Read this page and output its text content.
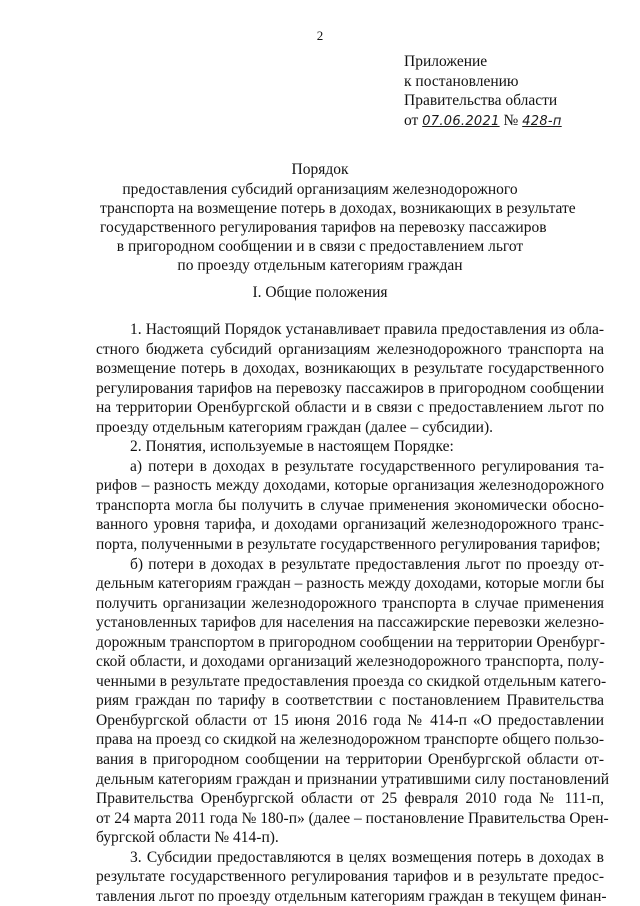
2
Приложение
к постановлению
Правительства области
от 07.06.2021 № 428-п
Порядок
предоставления субсидий организациям железнодорожного
транспорта на возмещение потерь в доходах, возникающих в результате
государственного регулирования тарифов на перевозку пассажиров
в пригородном сообщении и в связи с предоставлением льгот
по проезду отдельным категориям граждан
I. Общие положения
1. Настоящий Порядок устанавливает правила предоставления из обла-
стного бюджета субсидий организациям железнодорожного транспорта на
возмещение потерь в доходах, возникающих в результате государственного
регулирования тарифов на перевозку пассажиров в пригородном сообщении
на территории Оренбургской области и в связи с предоставлением льгот по
проезду отдельным категориям граждан (далее – субсидии).
2. Понятия, используемые в настоящем Порядке:
а) потери в доходах в результате государственного регулирования та-
рифов – разность между доходами, которые организация железнодорожного
транспорта могла бы получить в случае применения экономически обосно-
ванного уровня тарифа, и доходами организаций железнодорожного транс-
порта, полученными в результате государственного регулирования тарифов;
б) потери в доходах в результате предоставления льгот по проезду от-
дельным категориям граждан – разность между доходами, которые могли бы
получить организации железнодорожного транспорта в случае применения
установленных тарифов для населения на пассажирские перевозки железно-
дорожным транспортом в пригородном сообщении на территории Оренбург-
ской области, и доходами организаций железнодорожного транспорта, полу-
ченными в результате предоставления проезда со скидкой отдельным катего-
риям граждан по тарифу в соответствии с постановлением Правительства
Оренбургской области от 15 июня 2016 года № 414-п «О предоставлении
права на проезд со скидкой на железнодорожном транспорте общего пользо-
вания в пригородном сообщении на территории Оренбургской области от-
дельным категориям граждан и признании утратившими силу постановлений
Правительства Оренбургской области от 25 февраля 2010 года № 111-п,
от 24 марта 2011 года № 180-п» (далее – постановление Правительства Орен-
бургской области № 414-п).
3. Субсидии предоставляются в целях возмещения потерь в доходах в
результате государственного регулирования тарифов и в результате предос-
тавления льгот по проезду отдельным категориям граждан в текущем финан-
